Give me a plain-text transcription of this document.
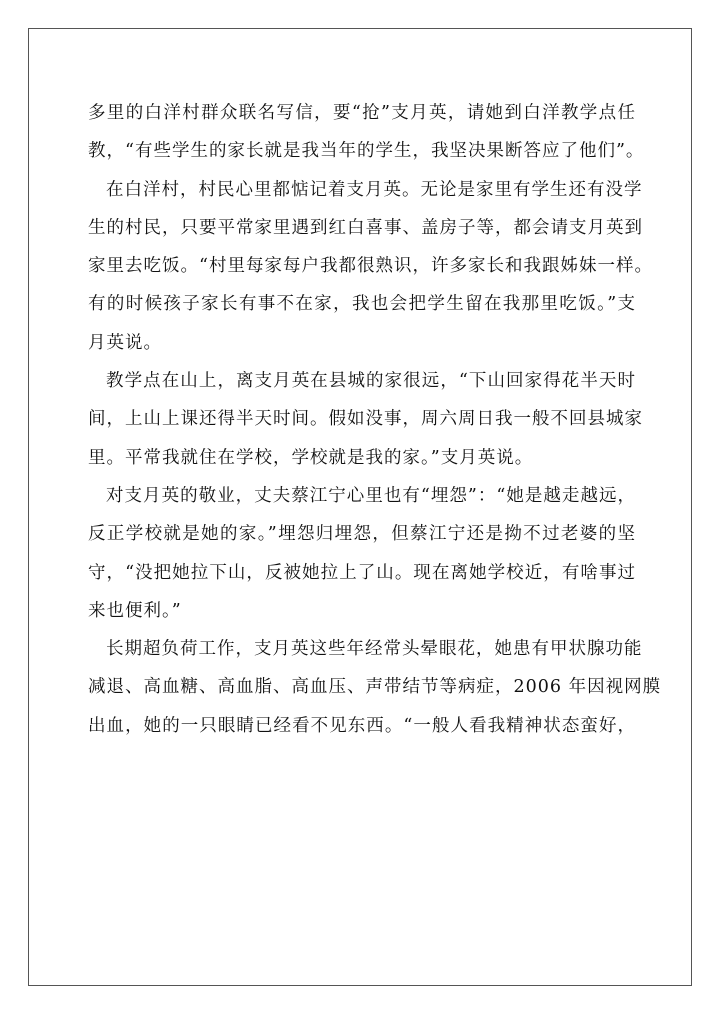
多里的白洋村群众联名写信，要“抢”支月英，请她到白洋教学点任
教，“有些学生的家长就是我当年的学生，我坚决果断答应了他们”。
在白洋村，村民心里都惦记着支月英。无论是家里有学生还有没学
生的村民，只要平常家里遇到红白喜事、盖房子等，都会请支月英到
家里去吃饭。“村里每家每户我都很熟识，许多家长和我跟姊妹一样。
有的时候孩子家长有事不在家，我也会把学生留在我那里吃饭。”支
月英说。
教学点在山上，离支月英在县城的家很远，“下山回家得花半天时
间，上山上课还得半天时间。假如没事，周六周日我一般不回县城家
里。平常我就住在学校，学校就是我的家。”支月英说。
对支月英的敬业，丈夫蔡江宁心里也有“埋怨”：“她是越走越远，
反正学校就是她的家。”埋怨归埋怨，但蔡江宁还是拗不过老婆的坚
守，“没把她拉下山，反被她拉上了山。现在离她学校近，有啥事过
来也便利。”
长期超负荷工作，支月英这些年经常头晕眼花，她患有甲状腺功能
减退、高血糖、高血脂、高血压、声带结节等病症，2006 年因视网膜
出血，她的一只眼睛已经看不见东西。“一般人看我精神状态蛮好，
